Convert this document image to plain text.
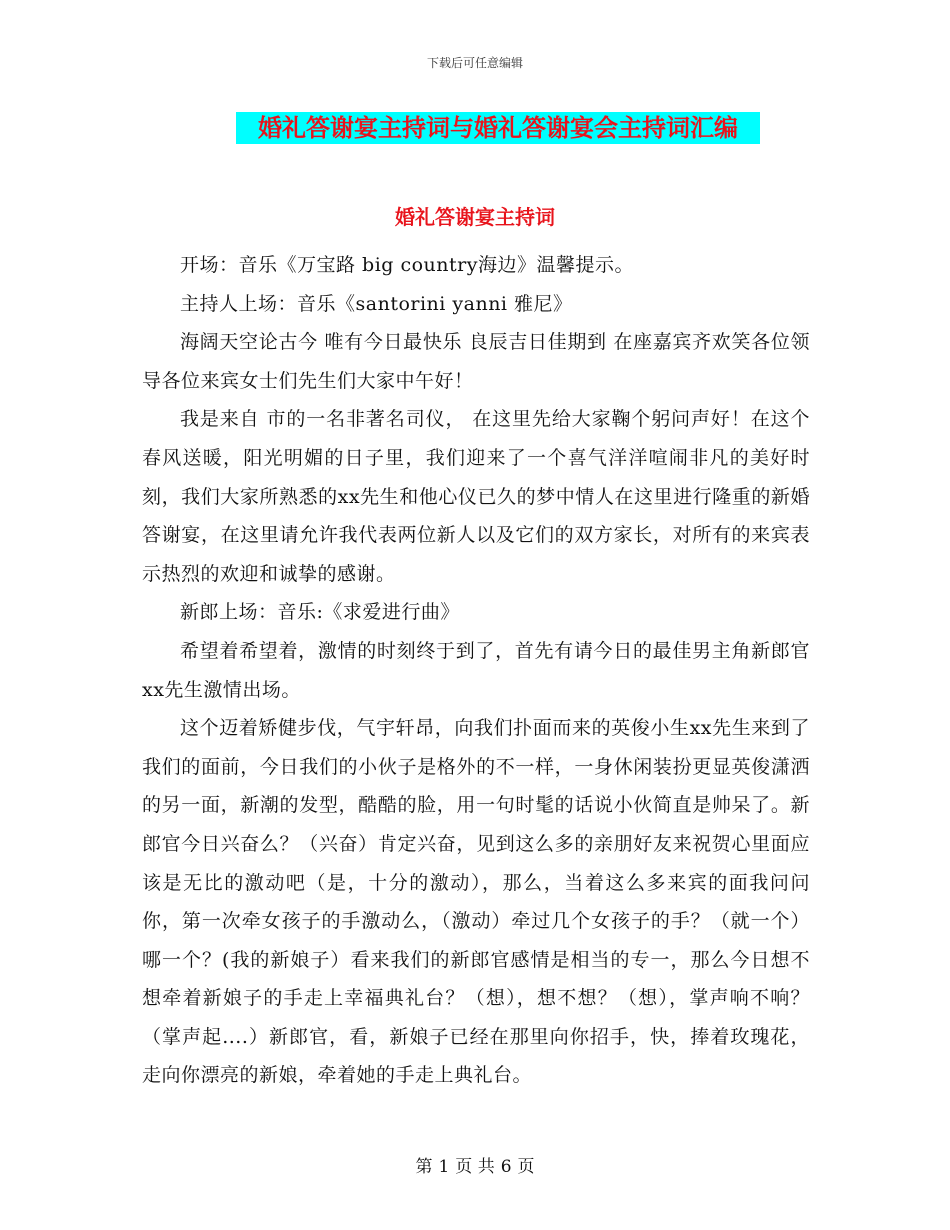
下载后可任意编辑
婚礼答谢宴主持词与婚礼答谢宴会主持词汇编
婚礼答谢宴主持词

开场：音乐《万宝路 big country海边》温馨提示。

主持人上场：音乐《santorini yanni 雅尼》

海阔天空论古今 唯有今日最快乐 良辰吉日佳期到 在座嘉宾齐欢笑各位领导各位来宾女士们先生们大家中午好！

我是来自 市的一名非著名司仪， 在这里先给大家鞠个躬问声好！在这个春风送暖，阳光明媚的日子里，我们迎来了一个喜气洋洋喧闹非凡的美好时刻，我们大家所熟悉的xx先生和他心仪已久的梦中情人在这里进行隆重的新婚答谢宴，在这里请允许我代表两位新人以及它们的双方家长，对所有的来宾表示热烈的欢迎和诚挚的感谢。

新郎上场：音乐:《求爱进行曲》

希望着希望着，激情的时刻终于到了，首先有请今日的最佳男主角新郎官xx先生激情出场。

这个迈着矫健步伐，气宇轩昂，向我们扑面而来的英俊小生xx先生来到了我们的面前，今日我们的小伙子是格外的不一样，一身休闲装扮更显英俊潇洒的另一面，新潮的发型，酷酷的脸，用一句时髦的话说小伙简直是帅呆了。新郎官今日兴奋么？（兴奋）肯定兴奋，见到这么多的亲朋好友来祝贺心里面应该是无比的激动吧（是，十分的激动），那么，当着这么多来宾的面我问问你，第一次牵女孩子的手激动么，（激动）牵过几个女孩子的手？（就一个）哪一个？(我的新娘子）看来我们的新郎官感情是相当的专一，那么今日想不想牵着新娘子的手走上幸福典礼台？（想），想不想？（想），掌声响不响？（掌声起....）新郎官，看，新娘子已经在那里向你招手，快，捧着玫瑰花，走向你漂亮的新娘，牵着她的手走上典礼台。

第 1 页 共 6 页
